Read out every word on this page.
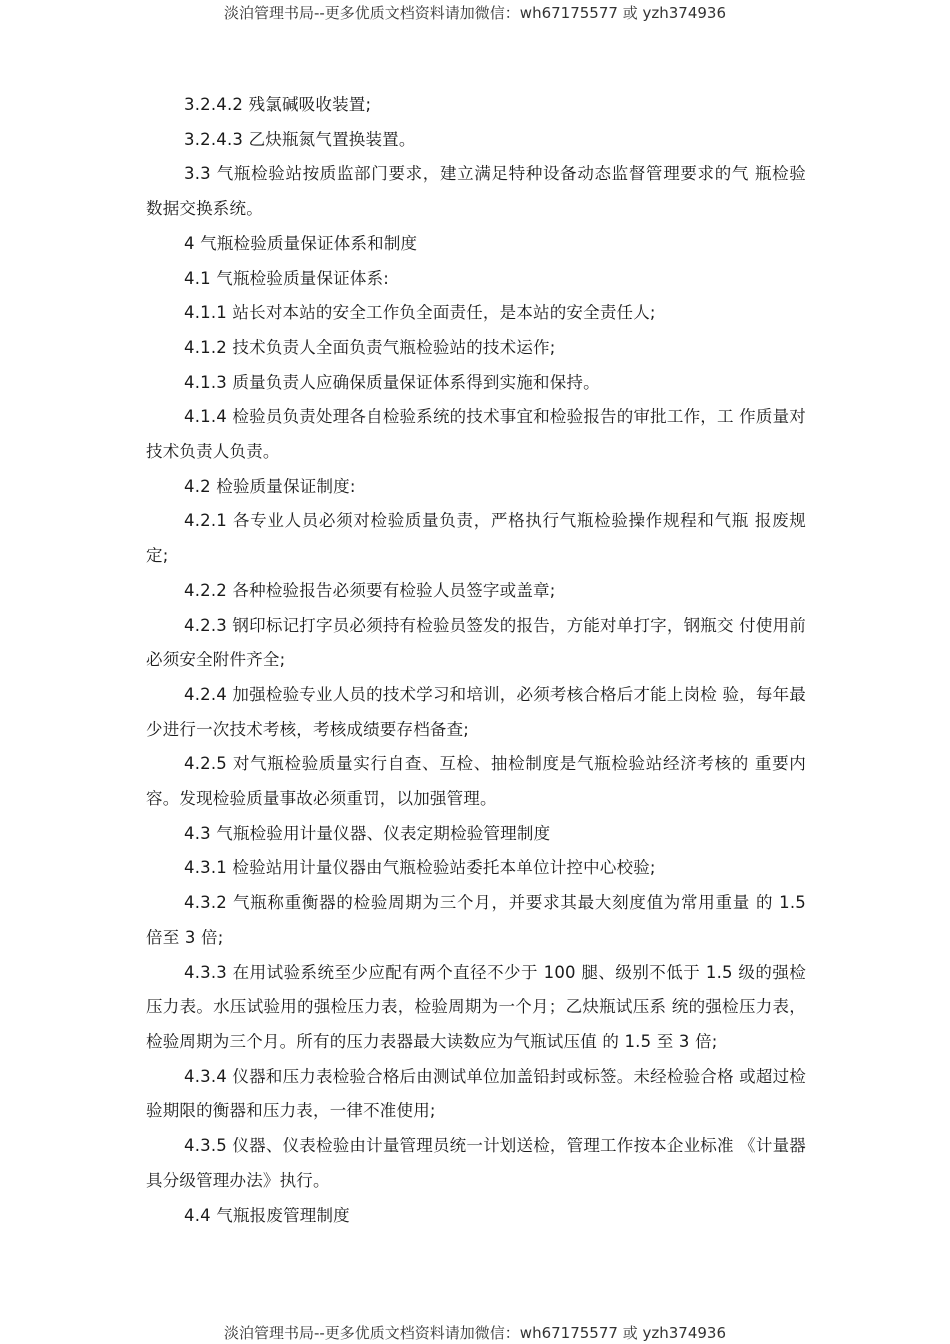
淡泊管理书局--更多优质文档资料请加微信：wh67175577 或 yzh374936

3.2.4.2 残氯碱吸收装置;

3.2.4.3 乙炔瓶氮气置换装置。

3.3 气瓶检验站按质监部门要求，建立满足特种设备动态监督管理要求的气 瓶检验数据交换系统。

4 气瓶检验质量保证体系和制度

4.1 气瓶检验质量保证体系:

4.1.1 站长对本站的安全工作负全面责任，是本站的安全责任人;

4.1.2 技术负责人全面负责气瓶检验站的技术运作;

4.1.3 质量负责人应确保质量保证体系得到实施和保持。

4.1.4 检验员负责处理各自检验系统的技术事宜和检验报告的审批工作，工 作质量对技术负责人负责。

4.2 检验质量保证制度:

4.2.1 各专业人员必须对检验质量负责，严格执行气瓶检验操作规程和气瓶 报废规定;

4.2.2 各种检验报告必须要有检验人员签字或盖章;

4.2.3 钢印标记打字员必须持有检验员签发的报告，方能对单打字，钢瓶交 付使用前必须安全附件齐全;

4.2.4 加强检验专业人员的技术学习和培训，必须考核合格后才能上岗检 验，每年最少进行一次技术考核，考核成绩要存档备查;

4.2.5 对气瓶检验质量实行自查、互检、抽检制度是气瓶检验站经济考核的 重要内容。发现检验质量事故必须重罚，以加强管理。

4.3 气瓶检验用计量仪器、仪表定期检验管理制度

4.3.1 检验站用计量仪器由气瓶检验站委托本单位计控中心校验;

4.3.2 气瓶称重衡器的检验周期为三个月，并要求其最大刻度值为常用重量 的 1.5 倍至 3 倍;

4.3.3 在用试验系统至少应配有两个直径不少于 100 腿、级别不低于 1.5 级的强检压力表。水压试验用的强检压力表，检验周期为一个月；乙炔瓶试压系 统的强检压力表，检验周期为三个月。所有的压力表器最大读数应为气瓶试压值 的 1.5 至 3 倍;

4.3.4 仪器和压力表检验合格后由测试单位加盖铅封或标签。未经检验合格 或超过检验期限的衡器和压力表，一律不准使用;

4.3.5 仪器、仪表检验由计量管理员统一计划送检，管理工作按本企业标准 《计量器具分级管理办法》执行。

4.4 气瓶报废管理制度

淡泊管理书局--更多优质文档资料请加微信：wh67175577 或 yzh374936
